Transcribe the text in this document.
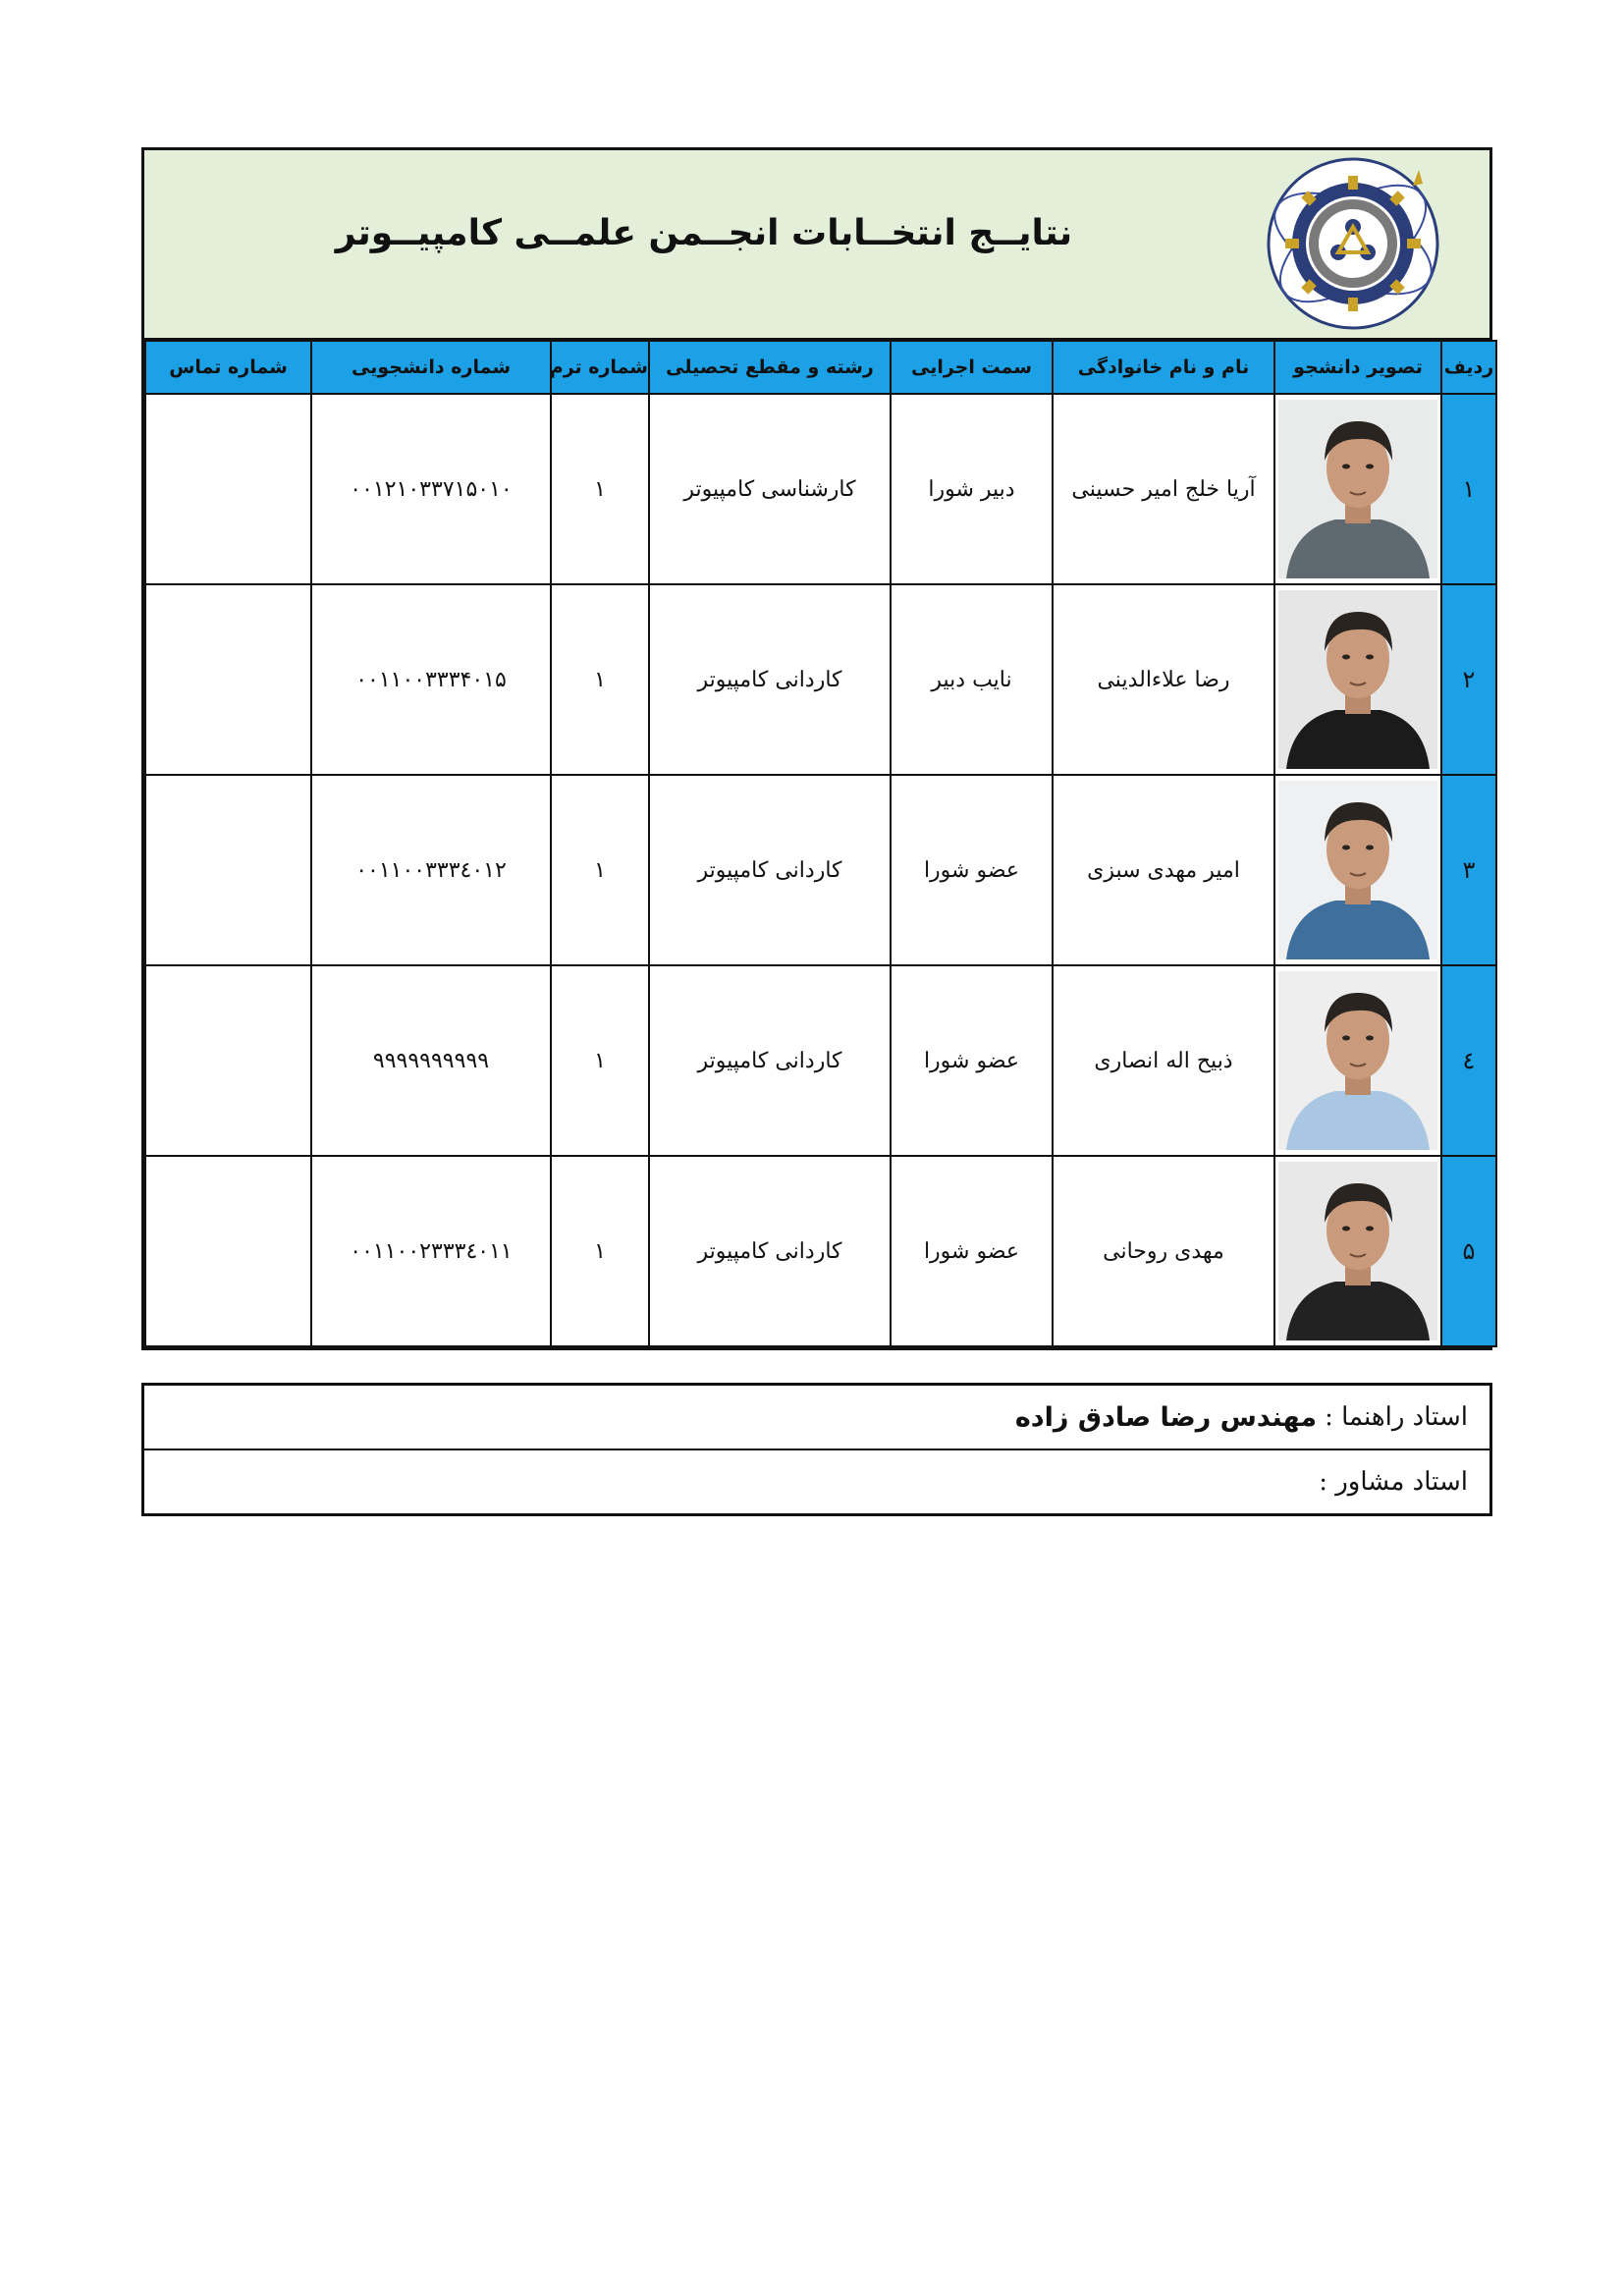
نتایــج انتخــابات انجــمن علمــی کامپیــوتر
ردیف	تصویر دانشجو	نام و نام خانوادگی	سمت اجرایی	رشته و مقطع تحصیلی	شماره ترم	شماره دانشجویی	شماره تماس
۱		آریا خلج امیر حسینی	دبیر شورا	کارشناسی کامپیوتر	۱	۰۰۱۲۱۰۳۳۷۱۵۰۱۰	
۲		رضا علاءالدینی	نایب دبیر	کاردانی کامپیوتر	۱	۰۰۱۱۰۰۳۳۳۴۰۱۵	
۳		امیر مهدی سبزی	عضو شورا	کاردانی کامپیوتر	۱	۰۰۱۱۰۰۳۳۳٤۰۱۲	
٤		ذبیح اله انصاری	عضو شورا	کاردانی کامپیوتر	۱	۹۹۹۹۹۹۹۹۹۹	
۵		مهدی روحانی	عضو شورا	کاردانی کامپیوتر	۱	۰۰۱۱۰۰۲۳۳۳٤۰۱۱	
استاد راهنما :
مهندس رضا صادق زاده
استاد مشاور :
